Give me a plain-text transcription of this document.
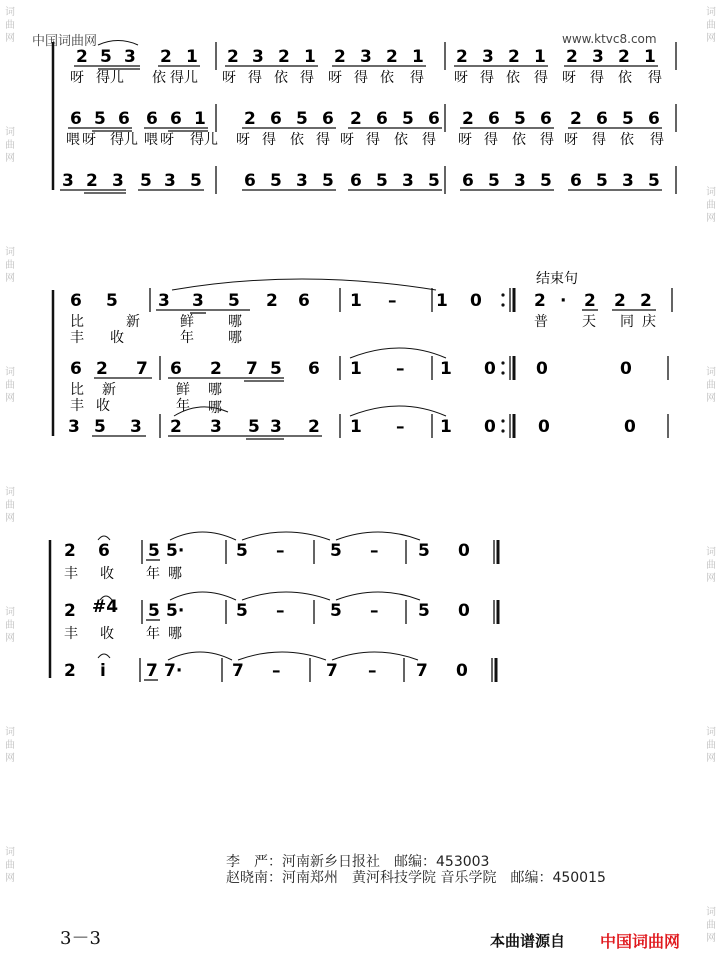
词
曲
网
词
曲
网
词
曲
网
词
曲
网
词
曲
网
词
曲
网
词
曲
网
词
曲
网
词
曲
网
词
曲
网
词
曲
网
词
曲
网
词
曲
网
词
曲
网
中国词曲网	www.ktvc8.com
2 5 3 2 1 2 3 2 1 2 3 2 1 2 3 2 1 2 3 2 1
呀 得儿 依 得儿 呀 得 依 得 呀 得 依 得 呀 得 依 得 呀 得 依 得
6 5 6 6 6 1 2 6 5 6 2 6 5 6 2 6 5 6 2 6 5 6
喂 呀 得儿 喂 呀 得儿 呀 得 依 得 呀 得 依 得 呀 得 依 得 呀 得 依 得
3 2 3 5 3 5 6 5 3 5 6 5 3 5 6 5 3 5 6 5 3 5
结束句
6 5 3 3 5 2 6 1 – 1 0	2 · 2 2 2
比	新	鲜 哪
丰 收	年 哪
普 天 同 庆
6 2 7 6 2 7 5 6 1 – 1 0 0	0
比 新	鲜 哪
丰 收	年 哪
3 5 3 2 3 5 3 2 1 – 1 0 0	0
2 6 5 5·	5 –	5 – 5 0
丰 收 年 哪
2 #4 5 5·	5 –	5 – 5 0
丰 收 年 哪
2 i 7 7·	7 –	7 – 7 0
李　严：河南新乡日报社　邮编：453003
赵晓南：河南郑州　黄河科技学院 音乐学院　邮编：450015
3－3	本曲谱源自 中国词曲网
